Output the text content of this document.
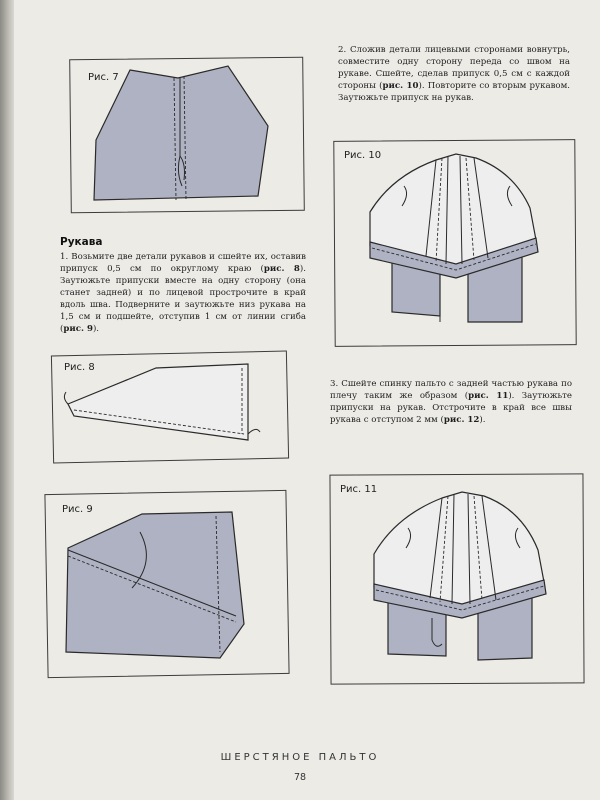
Рис. 7
Рукава
1. Возьмите две детали рукавов и сшейте их, оставив припуск 0,5 см по округлому краю (рис. 8). Заутюжьте припуски вместе на одну сторону (она станет задней) и по лицевой прострочите в край вдоль шва. Подверните и заутюжьте низ рукава на 1,5 см и подшейте, отступив 1 см от линии сгиба (рис. 9).
Рис. 8
Рис. 9
2. Сложив детали лицевыми сторонами вовнутрь, совместите одну сторону переда со швом на рукаве. Сшейте, сделав припуск 0,5 см с каждой стороны (рис. 10). Повторите со вторым рукавом. Заутюжьте припуск на рукав.
Рис. 10
3. Сшейте спинку пальто с задней частью рукава по плечу таким же образом (рис. 11). Заутюжьте припуски на рукав. Отстрочите в край все швы рукава с отступом 2 мм (рис. 12).
Рис. 11
ШЕРСТЯНОЕ ПАЛЬТО
78
